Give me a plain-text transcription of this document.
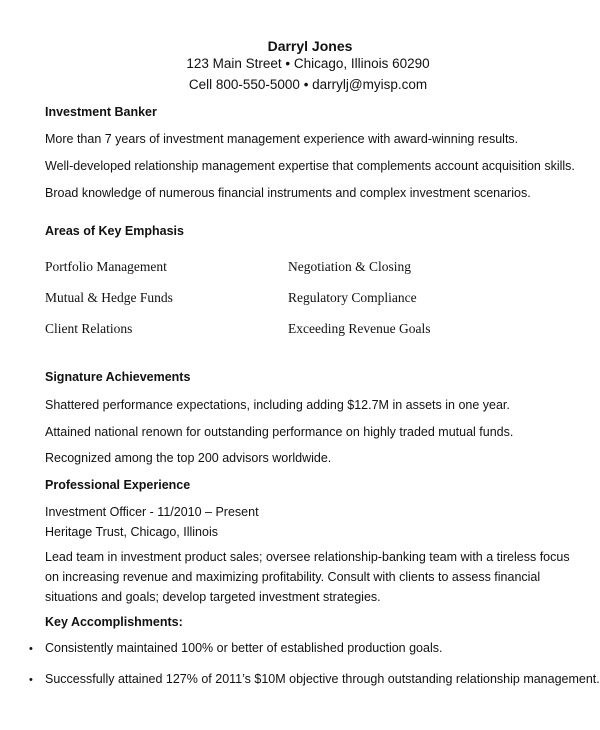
Darryl Jones
123 Main Street • Chicago, Illinois 60290
Cell 800-550-5000 • darrylj@myisp.com
Investment Banker
More than 7 years of investment management experience with award-winning results.
Well-developed relationship management expertise that complements account acquisition skills.
Broad knowledge of numerous financial instruments and complex investment scenarios.
Areas of Key Emphasis
Portfolio Management
Mutual & Hedge Funds
Client Relations
Negotiation & Closing
Regulatory Compliance
Exceeding Revenue Goals
Signature Achievements
Shattered performance expectations, including adding $12.7M in assets in one year.
Attained national renown for outstanding performance on highly traded mutual funds.
Recognized among the top 200 advisors worldwide.
Professional Experience
Investment Officer - 11/2010 – Present
Heritage Trust, Chicago, Illinois
Lead team in investment product sales; oversee relationship-banking team with a tireless focus on increasing revenue and maximizing profitability. Consult with clients to assess financial situations and goals; develop targeted investment strategies.
Key Accomplishments:
• Consistently maintained 100% or better of established production goals.
• Successfully attained 127% of 2011’s $10M objective through outstanding relationship management.
